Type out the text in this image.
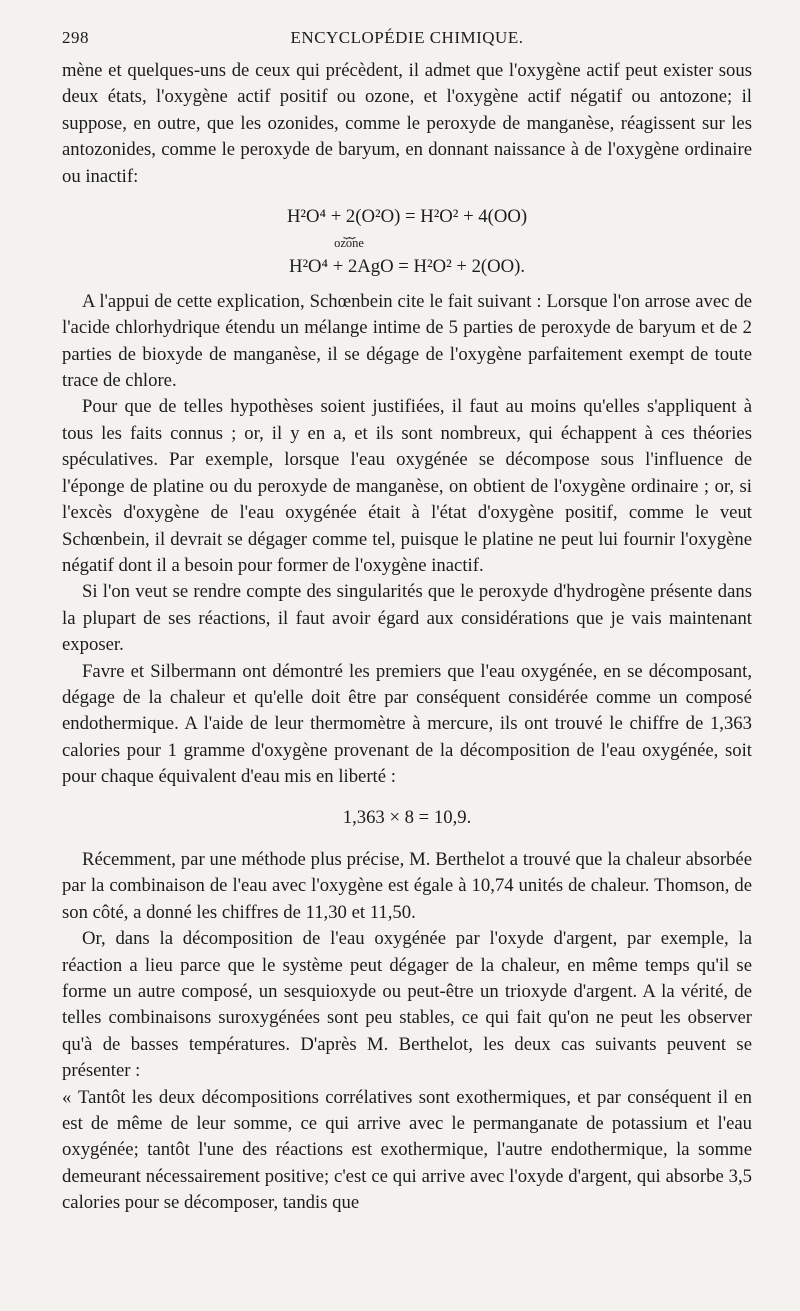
298	ENCYCLOPÉDIE CHIMIQUE.

mène et quelques-uns de ceux qui précèdent, il admet que l'oxygène actif peut exister sous deux états, l'oxygène actif positif ou ozone, et l'oxygène actif négatif ou antozone; il suppose, en outre, que les ozonides, comme le peroxyde de manganèse, réagissent sur les antozonides, comme le peroxyde de baryum, en donnant naissance à de l'oxygène ordinaire ou inactif:

H²O⁴ + 2(O²O) = H²O² + 4(OO)
⏟⏟
ozone
H²O⁴ + 2AgO = H²O² + 2(OO).

A l'appui de cette explication, Schœnbein cite le fait suivant : Lorsque l'on arrose avec de l'acide chlorhydrique étendu un mélange intime de 5 parties de peroxyde de baryum et de 2 parties de bioxyde de manganèse, il se dégage de l'oxygène parfaitement exempt de toute trace de chlore.

Pour que de telles hypothèses soient justifiées, il faut au moins qu'elles s'appliquent à tous les faits connus ; or, il y en a, et ils sont nombreux, qui échappent à ces théories spéculatives. Par exemple, lorsque l'eau oxygénée se décompose sous l'influence de l'éponge de platine ou du peroxyde de manganèse, on obtient de l'oxygène ordinaire ; or, si l'excès d'oxygène de l'eau oxygénée était à l'état d'oxygène positif, comme le veut Schœnbein, il devrait se dégager comme tel, puisque le platine ne peut lui fournir l'oxygène négatif dont il a besoin pour former de l'oxygène inactif.

Si l'on veut se rendre compte des singularités que le peroxyde d'hydrogène présente dans la plupart de ses réactions, il faut avoir égard aux considérations que je vais maintenant exposer.

Favre et Silbermann ont démontré les premiers que l'eau oxygénée, en se décomposant, dégage de la chaleur et qu'elle doit être par conséquent considérée comme un composé endothermique. A l'aide de leur thermomètre à mercure, ils ont trouvé le chiffre de 1,363 calories pour 1 gramme d'oxygène provenant de la décomposition de l'eau oxygénée, soit pour chaque équivalent d'eau mis en liberté :

1,363 × 8 = 10,9.

Récemment, par une méthode plus précise, M. Berthelot a trouvé que la chaleur absorbée par la combinaison de l'eau avec l'oxygène est égale à 10,74 unités de chaleur. Thomson, de son côté, a donné les chiffres de 11,30 et 11,50.

Or, dans la décomposition de l'eau oxygénée par l'oxyde d'argent, par exemple, la réaction a lieu parce que le système peut dégager de la chaleur, en même temps qu'il se forme un autre composé, un sesquioxyde ou peut-être un trioxyde d'argent. A la vérité, de telles combinaisons suroxygénées sont peu stables, ce qui fait qu'on ne peut les observer qu'à de basses températures. D'après M. Berthelot, les deux cas suivants peuvent se présenter :

« Tantôt les deux décompositions corrélatives sont exothermiques, et par conséquent il en est de même de leur somme, ce qui arrive avec le permanganate de potassium et l'eau oxygénée; tantôt l'une des réactions est exothermique, l'autre endothermique, la somme demeurant nécessairement positive; c'est ce qui arrive avec l'oxyde d'argent, qui absorbe 3,5 calories pour se décomposer, tandis que
